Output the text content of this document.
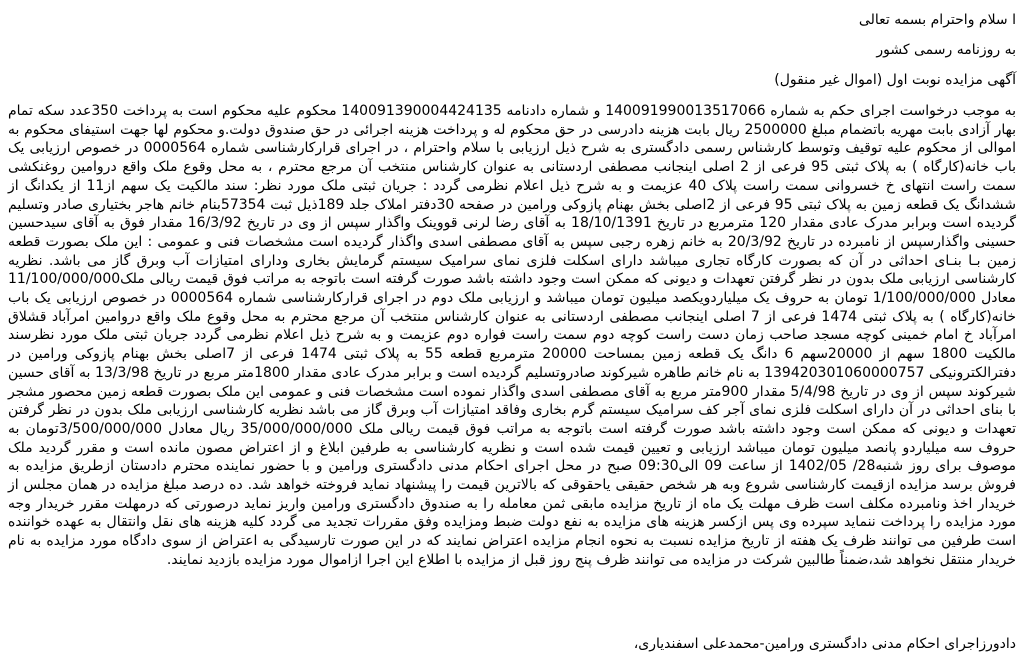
ا سلام واحترام بسمه تعالی
به روزنامه رسمی کشور
آگهی مزایده نوبت اول (اموال غیر منقول)

به موجب درخواست اجرای حکم به شماره 140091990013517066 و شماره دادنامه 140091390004424135 محکوم علیه محکوم است به پرداخت 350عدد سکه تمام بهار آزادی بابت مهریه باتضمام مبلغ 2500000 ریال بابت هزینه دادرسی در حق محکوم له و پرداخت هزینه اجرائی در حق صندوق دولت.و محکوم لها جهت استیفای محکوم به اموالی از محکوم علیه توقیف وتوسط کارشناس رسمی دادگستری به شرح ذیل ارزیابی با سلام واحترام ، در اجرای قرارکارشناسی شماره 0000564 در خصوص ارزیابی یک باب خانه(کارگاه ) به پلاک ثبتی 95 فرعی از 2 اصلی اینجانب مصطفی اردستانی به عنوان کارشناس منتخب آن مرجع محترم ، به محل وقوع ملک واقع دروامین روغنکشی سمت راست انتهای خ خسروانی سمت راست پلاک 40 عزیمت و به شرح ذیل اعلام نظرمی گردد : جریان ثبتی ملک مورد نظر: سند مالکیت یک سهم از11 از یکدانگ از ششدانگ یک قطعه زمین به پلاک ثبتی 95 فرعی از 2اصلی بخش بهنام پازوکی ورامین در صفحه 30دفتر املاک جلد 189ذیل ثبت 57354بنام خانم هاجر بختیاری صادر وتسلیم گردیده است وبرابر مدرک عادی مقدار 120 مترمربع در تاریخ 18/10/1391 به آقای رضا لرنی قووینک واگذار سپس از وی در تاریخ 16/3/92 مقدار فوق به آقای سیدحسین حسینی واگذارسپس از نامبرده در تاریخ 20/3/92 به خانم زهره رجبی سپس به آقای مصطفی اسدی واگذار گردیده است مشخصات فنی و عمومی : این ملک بصورت قطعه زمین بـا بنـای احداثی در آن که بصورت کارگاه تجاری میباشد دارای اسکلت فلزی نمای سرامیک سیستم گرمایش بخاری ودارای امتیازات آب وبرق گاز می باشد. نظریه کارشناسی ارزیابی ملک بدون در نظر گرفتن تعهدات و دیونی که ممکن است وجود داشته باشد صورت گرفته است باتوجه به مراتب فوق قیمت ریالی ملک11/100/000/000 معادل 1/100/000/000 تومان به حروف یک میلیاردویکصد میلیون تومان میباشد و ارزیابی ملک دوم در اجرای قرارکارشناسی شماره 0000564 در خصوص ارزیابی یک باب خانه(کارگاه ) به پلاک ثبتی 1474 فرعی از 7 اصلی اینجانب مصطفی اردستانی به عنوان کارشناس منتخب آن مرجع محترم به محل وقوع ملک واقع دروامین امرآباد قشلاق امرآباد خ امام خمینی کوچه مسجد صاحب زمان دست راست کوچه دوم سمت راست فواره دوم عزیمت و به شرح ذیل اعلام نظرمی گردد جریان ثبتی ملک مورد نظرسند مالکیت 1800 سهم از 20000سهم 6 دانگ یک قطعه زمین بمساحت 20000 مترمربع قطعه 55 به پلاک ثبتی 1474 فرعی از 7اصلی بخش بهنام پازوکی ورامین در دفترالکترونیکی 139420301060000757 به نام خانم طاهره شیرکوند صادروتسلیم گردیده است و برابر مدرک عادی مقدار 1800متر مربع در تاریخ 13/3/98 به آقای حسین شیرکوند سپس از وی در تاریخ 5/4/98 مقدار 900متر مربع به آقای مصطفی اسدی واگذار نموده است مشخصات فنی و عمومی این ملک بصورت قطعه زمین محصور مشجر با بنای احداثی در آن دارای اسکلت فلزی نمای آجر کف سرامیک سیستم گرم بخاری وفاقد امتیازات آب وبرق گاز می باشد نظریه کارشناسی ارزیابی ملک بدون در نظر گرفتن تعهدات و دیونی که ممکن است وجود داشته باشد صورت گرفته است باتوجه به مراتب فوق قیمت ریالی ملک 35/000/000/000 ریال معادل 3/500/000/000تومان به حروف سه میلیاردو پانصد میلیون تومان میباشد ارزیابی و تعیین قیمت شده است و نظریه کارشناسی به طرفین ابلاغ و از اعتراض مصون مانده است و مقرر گردید ملک موصوف برای روز شنبه28/ 1402/05 از ساعت 09 الی09:30 صبح در محل اجرای احکام مدنی دادگستری ورامین و با حضور نماینده محترم دادستان ازطریق مزایده به فروش برسد مزایده ازقیمت کارشناسی شروع وبه هر شخص حقیقی یاحقوقی که بالاترین قیمت را پیشنهاد نماید فروخته خواهد شد. ده درصد مبلغ مزایده در همان مجلس از خریدار اخذ ونامبرده مکلف است ظرف مهلت یک ماه از تاریخ مزایده مابقی ثمن معامله را به صندوق دادگستری ورامین واریز نماید درصورتی که درمهلت مقرر خریدار وجه مورد مزایده را پرداخت ننماید سپرده وی پس ازکسر هزینه های مزایده به نفع دولت ضبط ومزایده وفق مقررات تجدید می گردد کلیه هزینه های نقل وانتقال به عهده خواننده است طرفین می توانند ظرف یک هفته از تاریخ مزایده نسبت به نحوه انجام مزایده اعتراض نمایند که در این صورت تارسیدگی به اعتراض از سوی دادگاه مورد مزایده به نام خریدار منتقل نخواهد شد،ضمناً طالبین شرکت در مزایده می توانند ظرف پنج روز قبل از مزایده با اطلاع این اجرا ازاموال مورد مزایده بازدید نمایند.

دادورزاجرای احکام مدنی دادگستری ورامین-محمدعلی اسفندیاری،
